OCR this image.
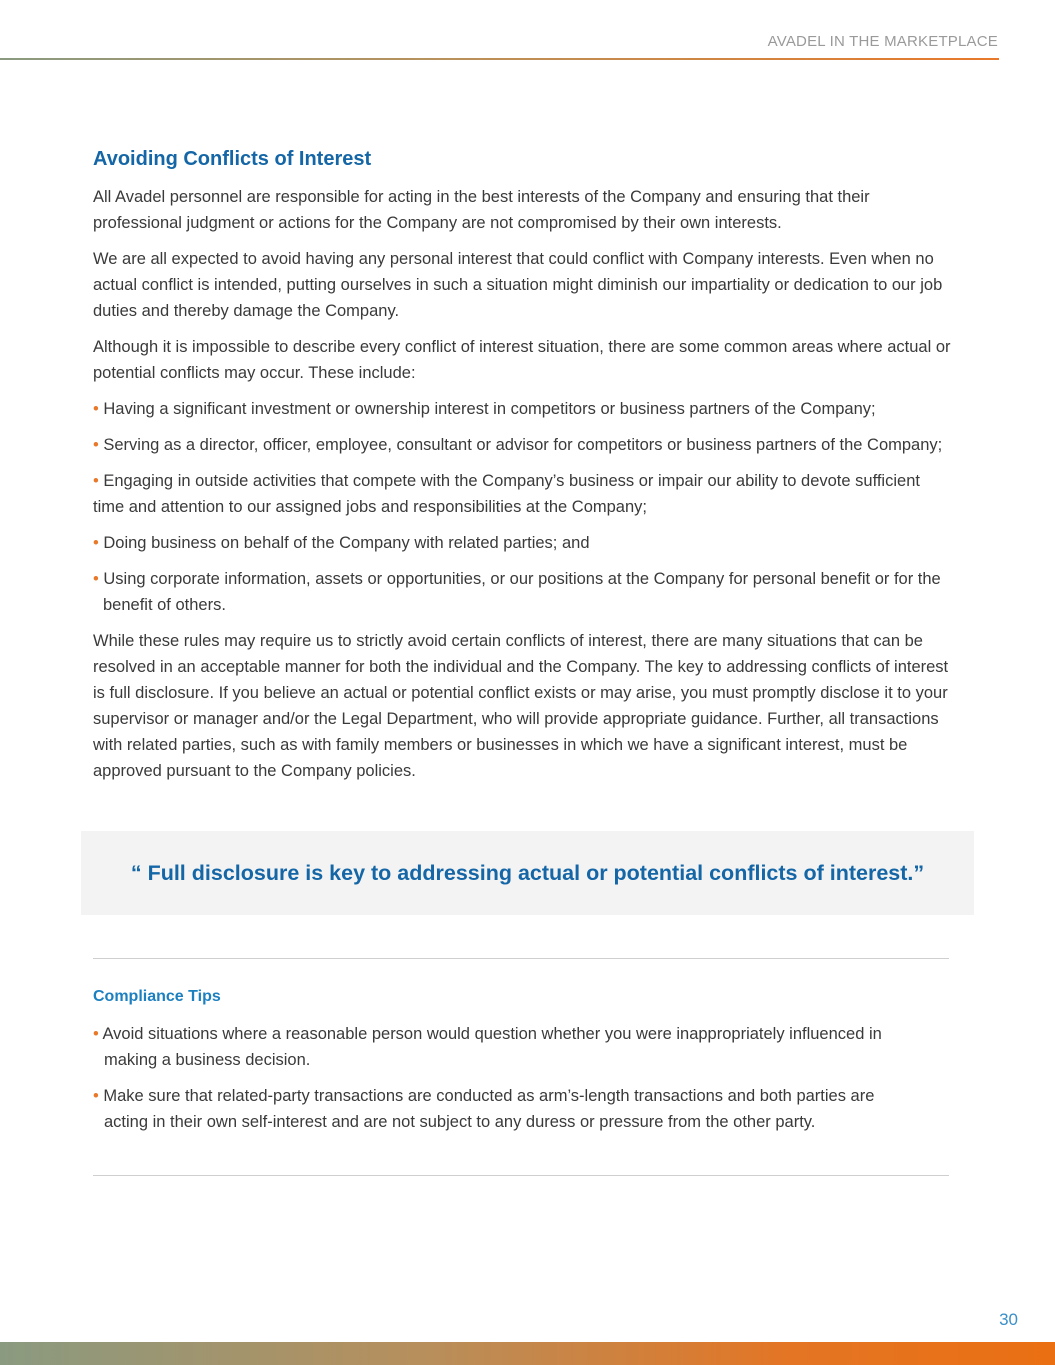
AVADEL IN THE MARKETPLACE
Avoiding Conflicts of Interest

All Avadel personnel are responsible for acting in the best interests of the Company and ensuring that their professional judgment or actions for the Company are not compromised by their own interests.

We are all expected to avoid having any personal interest that could conflict with Company interests. Even when no actual conflict is intended, putting ourselves in such a situation might diminish our impartiality or dedication to our job duties and thereby damage the Company.

Although it is impossible to describe every conflict of interest situation, there are some common areas where actual or potential conflicts may occur. These include:

• Having a significant investment or ownership interest in competitors or business partners of the Company;
• Serving as a director, officer, employee, consultant or advisor for competitors or business partners of the Company;
• Engaging in outside activities that compete with the Company’s business or impair our ability to devote sufficient time and attention to our assigned jobs and responsibilities at the Company;
• Doing business on behalf of the Company with related parties; and
• Using corporate information, assets or opportunities, or our positions at the Company for personal benefit or for the benefit of others.

While these rules may require us to strictly avoid certain conflicts of interest, there are many situations that can be resolved in an acceptable manner for both the individual and the Company. The key to addressing conflicts of interest is full disclosure. If you believe an actual or potential conflict exists or may arise, you must promptly disclose it to your supervisor or manager and/or the Legal Department, who will provide appropriate guidance. Further, all transactions with related parties, such as with family members or businesses in which we have a significant interest, must be approved pursuant to the Company policies.

“ Full disclosure is key to addressing actual or potential conflicts of interest.”
Compliance Tips
• Avoid situations where a reasonable person would question whether you were inappropriately influenced in making a business decision.
• Make sure that related-party transactions are conducted as arm’s-length transactions and both parties are acting in their own self-interest and are not subject to any duress or pressure from the other party.
30
